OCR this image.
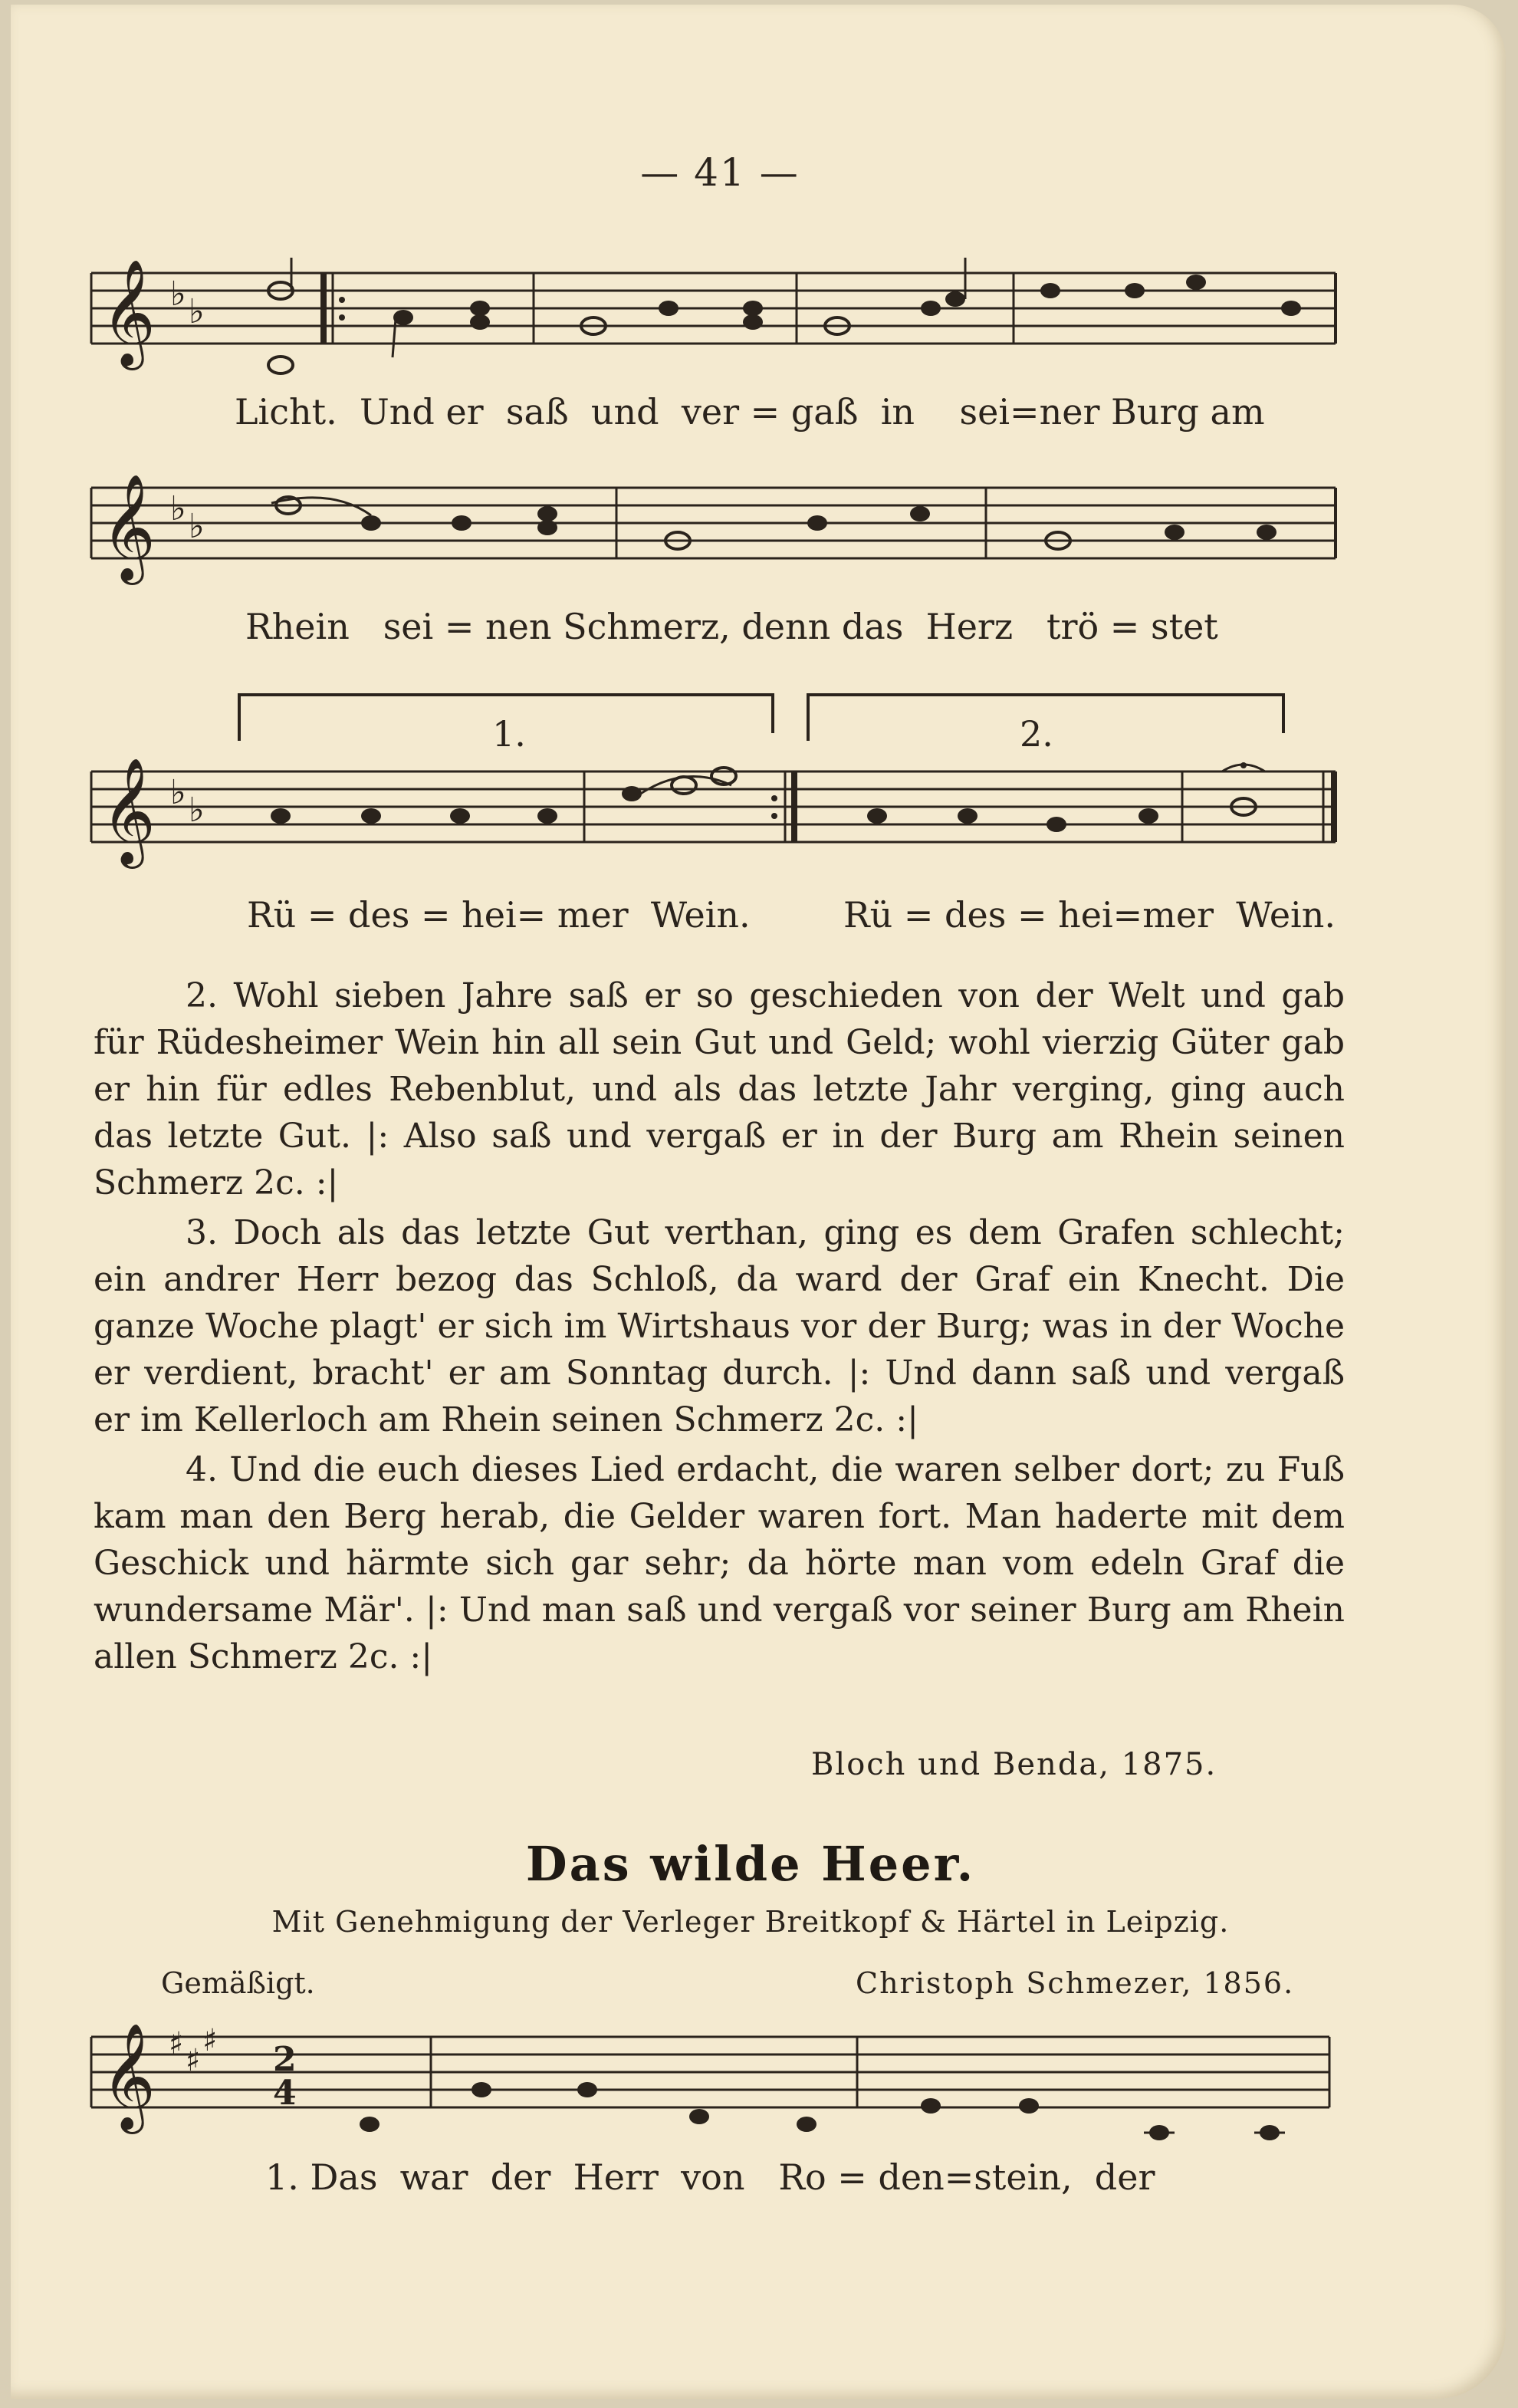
— 41 —
𝄞 ♭ ♭
Licht.  Und er  saß  und  ver = gaß  in    sei=ner Burg am
𝄞 ♭ ♭
Rhein   sei = nen Schmerz, denn das  Herz   trö = stet
𝄞 ♭ ♭
1.	2.
Rü = des = hei= mer  Wein.	Rü = des = hei=mer  Wein.

2. Wohl sieben Jahre saß er so geschieden von der Welt und gab für Rüdesheimer Wein hin all sein Gut und Geld; wohl vierzig Güter gab er hin für edles Rebenblut, und als das letzte Jahr verging, ging auch das letzte Gut. |: Also saß und vergaß er in der Burg am Rhein seinen Schmerz 2c. :|

3. Doch als das letzte Gut verthan, ging es dem Grafen schlecht; ein andrer Herr bezog das Schloß, da ward der Graf ein Knecht. Die ganze Woche plagt' er sich im Wirtshaus vor der Burg; was in der Woche er verdient, bracht' er am Sonntag durch. |: Und dann saß und vergaß er im Kellerloch am Rhein seinen Schmerz 2c. :|

4. Und die euch dieses Lied erdacht, die waren selber dort; zu Fuß kam man den Berg herab, die Gelder waren fort. Man haderte mit dem Geschick und härmte sich gar sehr; da hörte man vom edeln Graf die wundersame Mär'. |: Und man saß und vergaß vor seiner Burg am Rhein allen Schmerz 2c. :|

Bloch und Benda, 1875.
Das wilde Heer.
Mit Genehmigung der Verleger Breitkopf & Härtel in Leipzig.
Gemäßigt.	Christoph Schmezer, 1856.
𝄞 ♯ ♯
♯ 2
4
1. Das  war  der  Herr  von   Ro = den=stein,  der
